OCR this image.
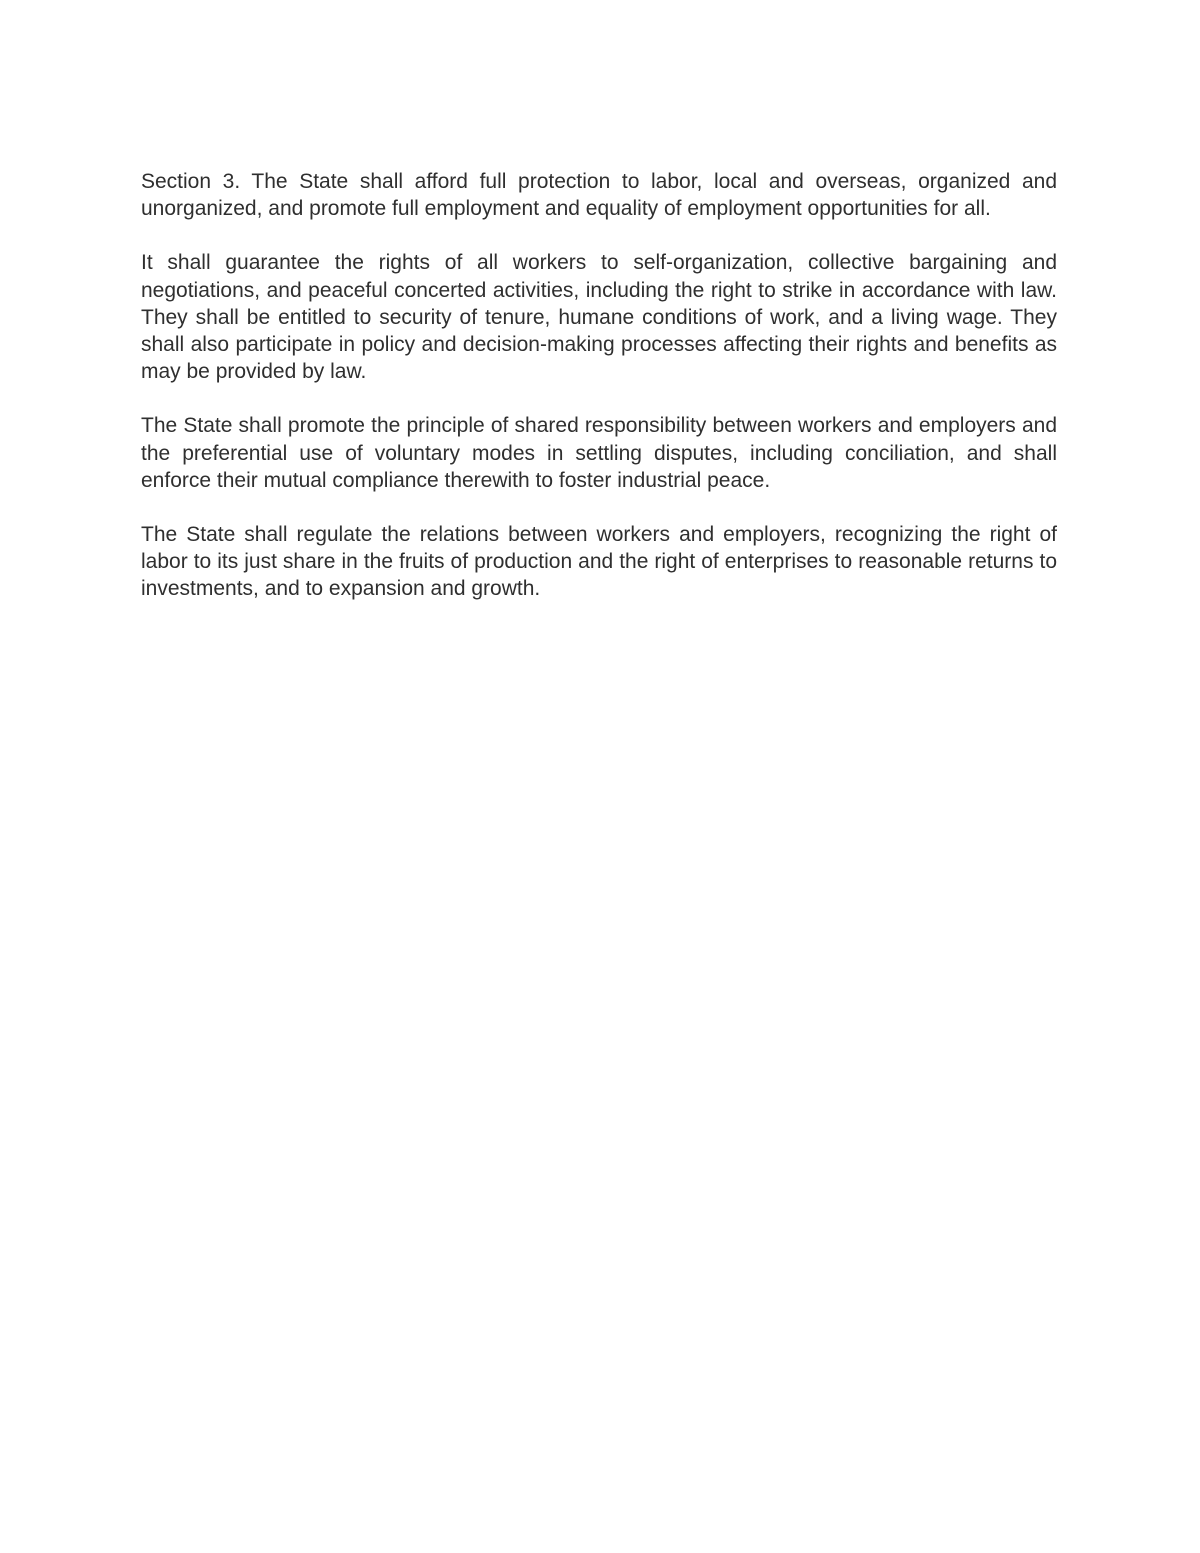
Section 3. The State shall afford full protection to labor, local and overseas, organized and unorganized, and promote full employment and equality of employment opportunities for all.

It shall guarantee the rights of all workers to self-organization, collective bargaining and negotiations, and peaceful concerted activities, including the right to strike in accordance with law. They shall be entitled to security of tenure, humane conditions of work, and a living wage. They shall also participate in policy and decision-making processes affecting their rights and benefits as may be provided by law.

The State shall promote the principle of shared responsibility between workers and employers and the preferential use of voluntary modes in settling disputes, including conciliation, and shall enforce their mutual compliance therewith to foster industrial peace.

The State shall regulate the relations between workers and employers, recognizing the right of labor to its just share in the fruits of production and the right of enterprises to reasonable returns to investments, and to expansion and growth.
